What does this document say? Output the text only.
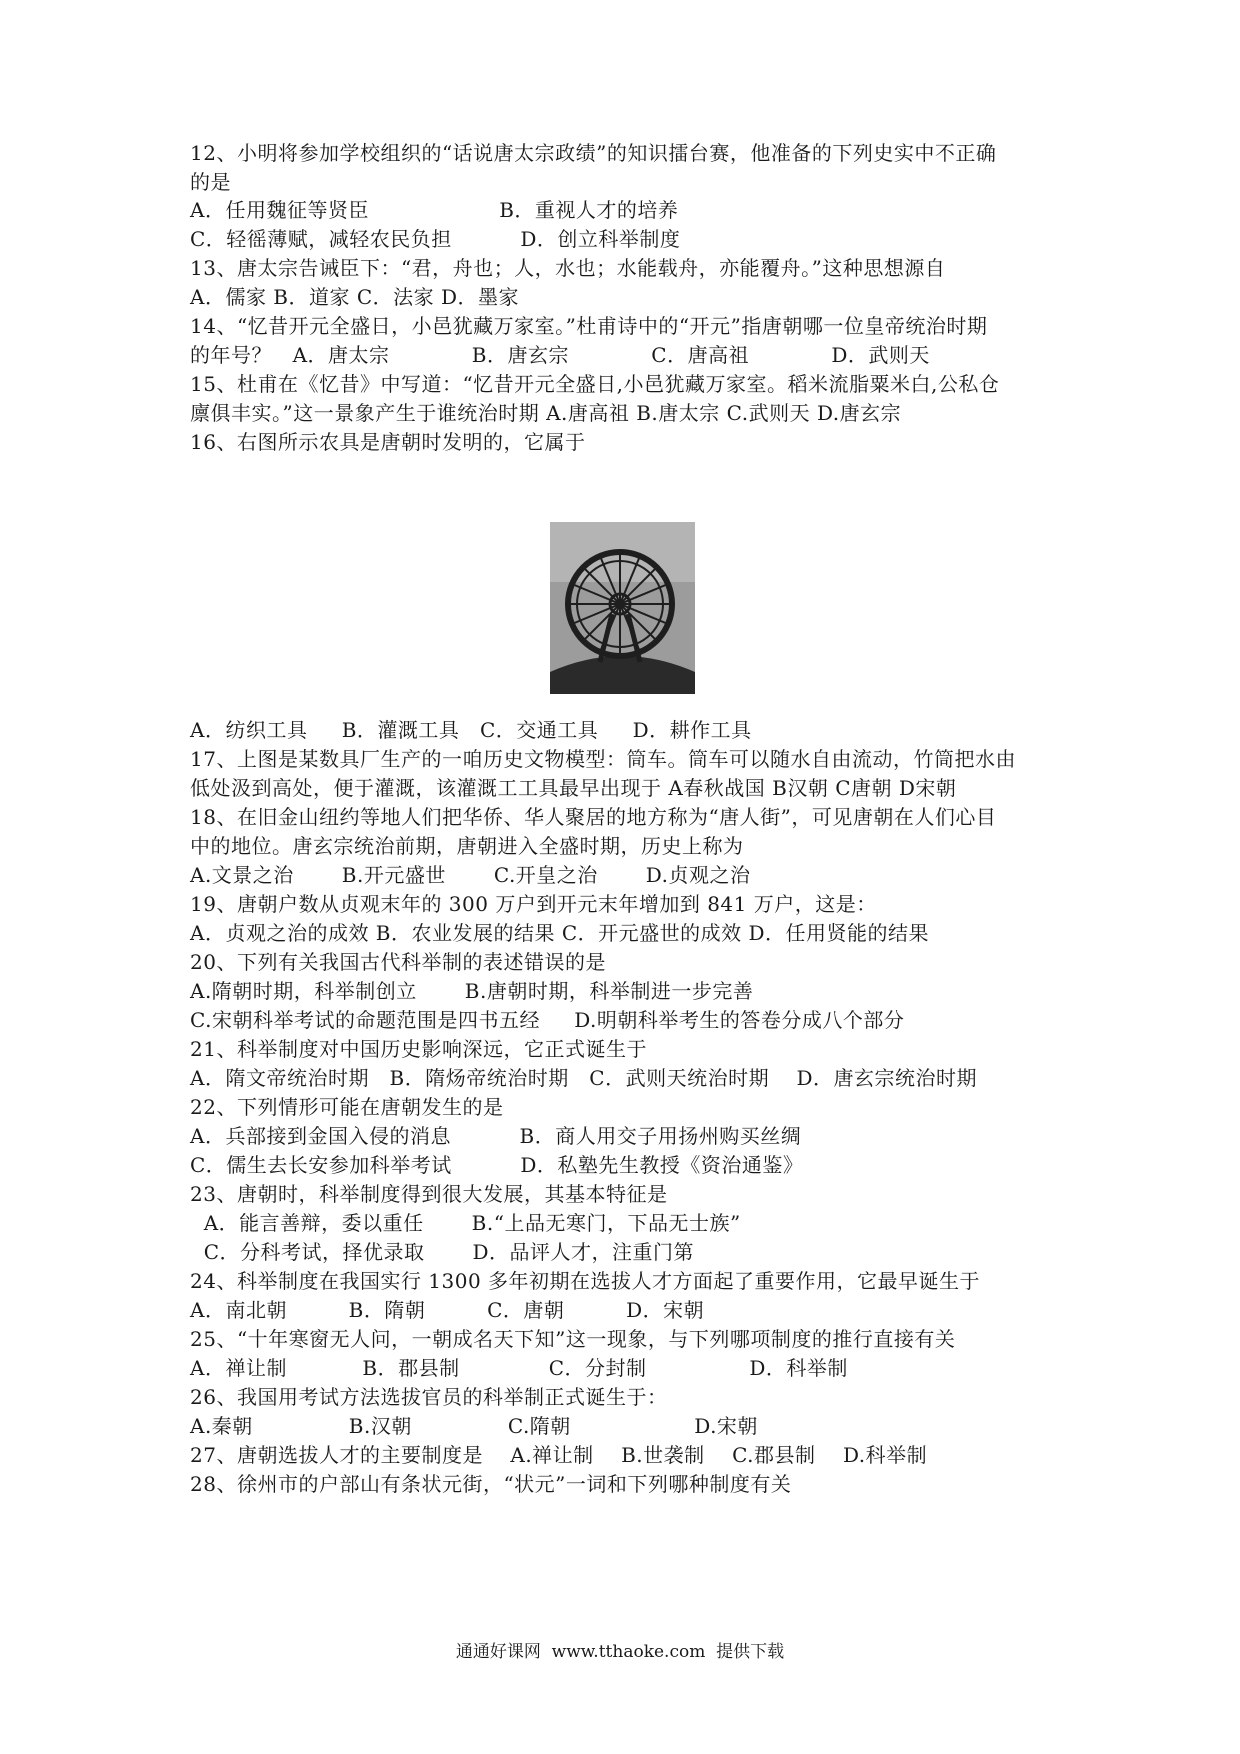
12、小明将参加学校组织的“话说唐太宗政绩”的知识擂台赛，他准备的下列史实中不正确
的是
A．任用魏征等贤臣                   B．重视人才的培养
C．轻徭薄赋，减轻农民负担          D．创立科举制度
13、唐太宗告诫臣下：“君，舟也；人，水也；水能载舟，亦能覆舟。”这种思想源自
A．儒家 B．道家 C．法家 D．墨家
14、“忆昔开元全盛日，小邑犹藏万家室。”杜甫诗中的“开元”指唐朝哪一位皇帝统治时期
的年号？   A．唐太宗            B．唐玄宗            C．唐高祖            D．武则天
15、杜甫在《忆昔》中写道：“忆昔开元全盛日,小邑犹藏万家室。稻米流脂粟米白,公私仓
廪俱丰实。”这一景象产生于谁统治时期 A.唐高祖 B.唐太宗 C.武则天 D.唐玄宗
16、右图所示农具是唐朝时发明的，它属于
A．纺织工具     B．灌溉工具   C．交通工具     D．耕作工具
17、上图是某数具厂生产的一咱历史文物模型：筒车。筒车可以随水自由流动，竹筒把水由
低处汲到高处，便于灌溉，该灌溉工工具最早出现于 A春秋战国 B汉朝 C唐朝 D宋朝
18、在旧金山纽约等地人们把华侨、华人聚居的地方称为“唐人街”，可见唐朝在人们心目
中的地位。唐玄宗统治前期，唐朝进入全盛时期，历史上称为
A.文景之治       B.开元盛世       C.开皇之治       D.贞观之治
19、唐朝户数从贞观末年的 300 万户到开元末年增加到 841 万户，这是：
A．贞观之治的成效 B．农业发展的结果 C．开元盛世的成效 D．任用贤能的结果
20、下列有关我国古代科举制的表述错误的是
A.隋朝时期，科举制创立       B.唐朝时期，科举制进一步完善
C.宋朝科举考试的命题范围是四书五经     D.明朝科举考生的答卷分成八个部分
21、科举制度对中国历史影响深远，它正式诞生于
A．隋文帝统治时期   B．隋炀帝统治时期   C．武则天统治时期    D．唐玄宗统治时期
22、下列情形可能在唐朝发生的是
A．兵部接到金国入侵的消息          B．商人用交子用扬州购买丝绸
C．儒生去长安参加科举考试          D．私塾先生教授《资治通鉴》
23、唐朝时，科举制度得到很大发展，其基本特征是
A．能言善辩，委以重任       B.“上品无寒门，下品无士族”
C．分科考试，择优录取       D．品评人才，注重门第
24、科举制度在我国实行 1300 多年初期在选拔人才方面起了重要作用，它最早诞生于
A．南北朝         B．隋朝         C．唐朝         D．宋朝
25、“十年寒窗无人问，一朝成名天下知”这一现象，与下列哪项制度的推行直接有关
A．禅让制           B．郡县制             C．分封制               D．科举制
26、我国用考试方法选拔官员的科举制正式诞生于：
A.秦朝              B.汉朝              C.隋朝                  D.宋朝
27、唐朝选拔人才的主要制度是    A.禅让制    B.世袭制    C.郡县制    D.科举制
28、徐州市的户部山有条状元街，“状元”一词和下列哪种制度有关
通通好课网  www.tthaoke.com  提供下载
